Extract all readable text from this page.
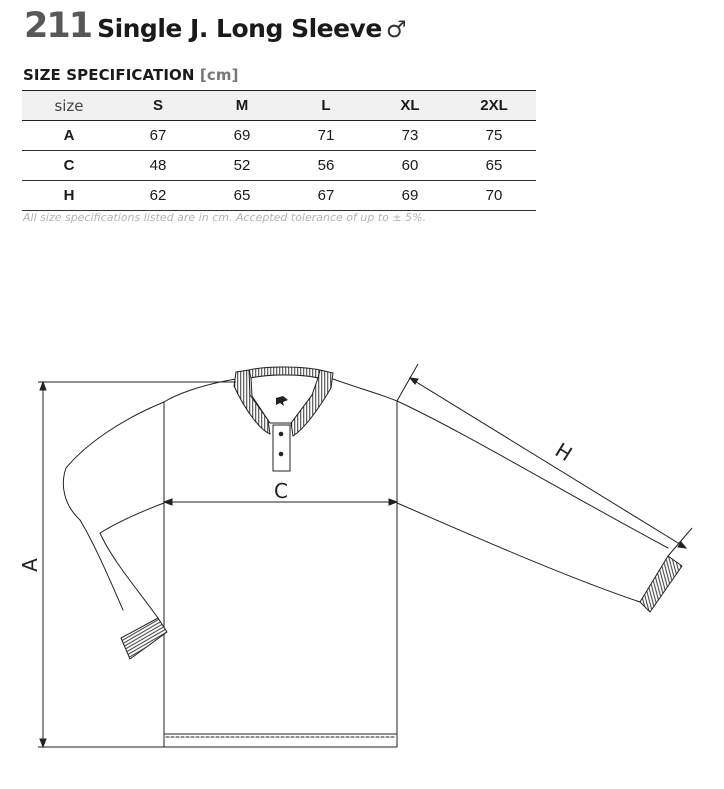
211 Single J. Long Sleeve ♂
SIZE SPECIFICATION [cm]
size	S	M	L	XL	2XL
A	67	69	71	73	75
C	48	52	56	60	65
H	62	65	67	69	70
All size specifications listed are in cm. Accepted tolerance of up to ± 5%.
A
C
H
